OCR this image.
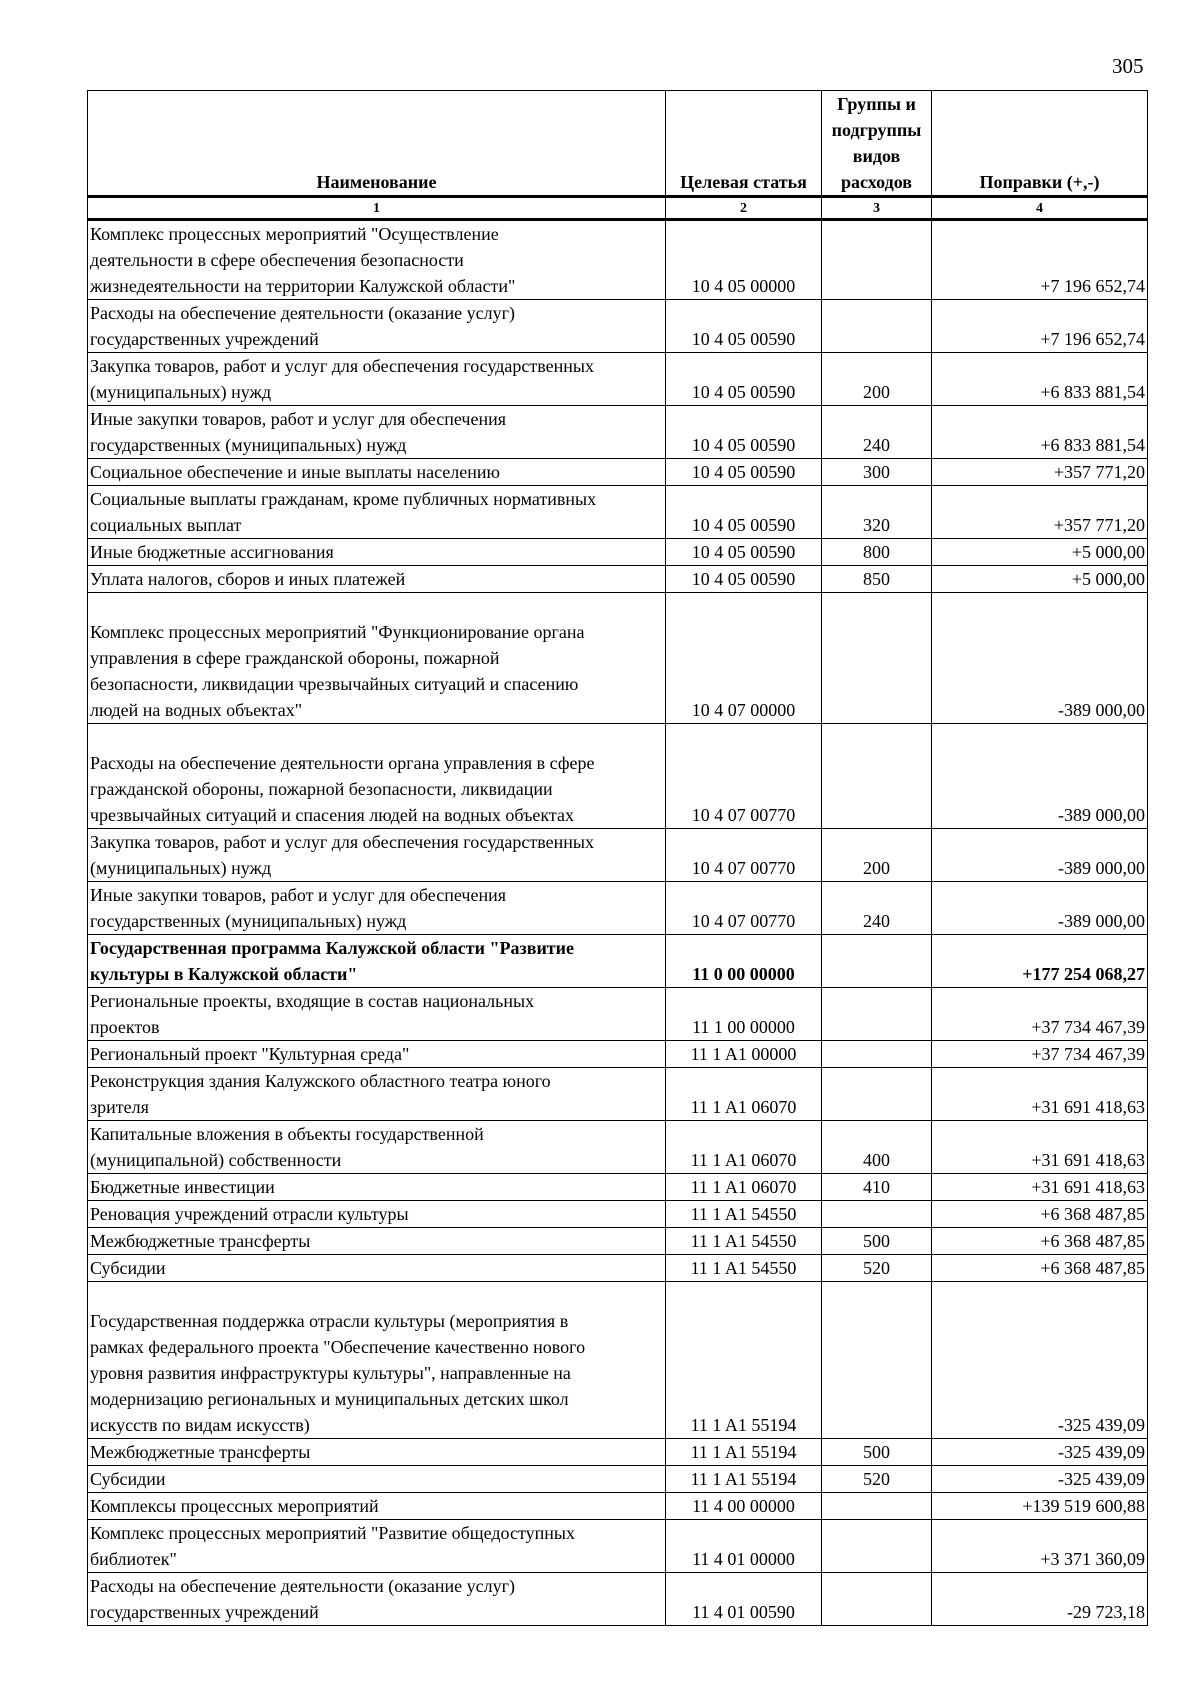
305
Наименование	Целевая статья	Группы и подгруппы видов расходов	Поправки (+,-)
1	2	3	4

Комплекс процессных мероприятий "Осуществление
деятельности в сфере обеспечения безопасности
жизнедеятельности на территории Калужской области"	10 4 05 00000		+7 196 652,74

Расходы на обеспечение деятельности (оказание услуг)
государственных учреждений	10 4 05 00590		+7 196 652,74

Закупка товаров, работ и услуг для обеспечения государственных
(муниципальных) нужд	10 4 05 00590	200	+6 833 881,54

Иные закупки товаров, работ и услуг для обеспечения
государственных (муниципальных) нужд	10 4 05 00590	240	+6 833 881,54

Социальное обеспечение и иные выплаты населению	10 4 05 00590	300	+357 771,20

Социальные выплаты гражданам, кроме публичных нормативных
социальных выплат	10 4 05 00590	320	+357 771,20

Иные бюджетные ассигнования	10 4 05 00590	800	+5 000,00

Уплата налогов, сборов и иных платежей	10 4 05 00590	850	+5 000,00

Комплекс процессных мероприятий "Функционирование органа
управления в сфере гражданской обороны, пожарной
безопасности, ликвидации чрезвычайных ситуаций и спасению
людей на водных объектах"	10 4 07 00000		-389 000,00

Расходы на обеспечение деятельности органа управления в сфере
гражданской обороны, пожарной безопасности, ликвидации
чрезвычайных ситуаций и спасения людей на водных объектах	10 4 07 00770		-389 000,00

Закупка товаров, работ и услуг для обеспечения государственных
(муниципальных) нужд	10 4 07 00770	200	-389 000,00

Иные закупки товаров, работ и услуг для обеспечения
государственных (муниципальных) нужд	10 4 07 00770	240	-389 000,00

Государственная программа Калужской области "Развитие
культуры в Калужской области"	11 0 00 00000		+177 254 068,27

Региональные проекты, входящие в состав национальных
проектов	11 1 00 00000		+37 734 467,39

Региональный проект "Культурная среда"	11 1 A1 00000		+37 734 467,39

Реконструкция здания Калужского областного театра юного
зрителя	11 1 A1 06070		+31 691 418,63

Капитальные вложения в объекты государственной
(муниципальной) собственности	11 1 A1 06070	400	+31 691 418,63

Бюджетные инвестиции	11 1 A1 06070	410	+31 691 418,63

Реновация учреждений отрасли культуры	11 1 A1 54550		+6 368 487,85

Межбюджетные трансферты	11 1 A1 54550	500	+6 368 487,85

Субсидии	11 1 A1 54550	520	+6 368 487,85

Государственная поддержка отрасли культуры (мероприятия в
рамках федерального проекта "Обеспечение качественно нового
уровня развития инфраструктуры культуры", направленные на
модернизацию региональных и муниципальных детских школ
искусств по видам искусств)	11 1 A1 55194		-325 439,09

Межбюджетные трансферты	11 1 A1 55194	500	-325 439,09

Субсидии	11 1 A1 55194	520	-325 439,09

Комплексы процессных мероприятий	11 4 00 00000		+139 519 600,88

Комплекс процессных мероприятий "Развитие общедоступных
библиотек"	11 4 01 00000		+3 371 360,09

Расходы на обеспечение деятельности (оказание услуг)
государственных учреждений	11 4 01 00590		-29 723,18
